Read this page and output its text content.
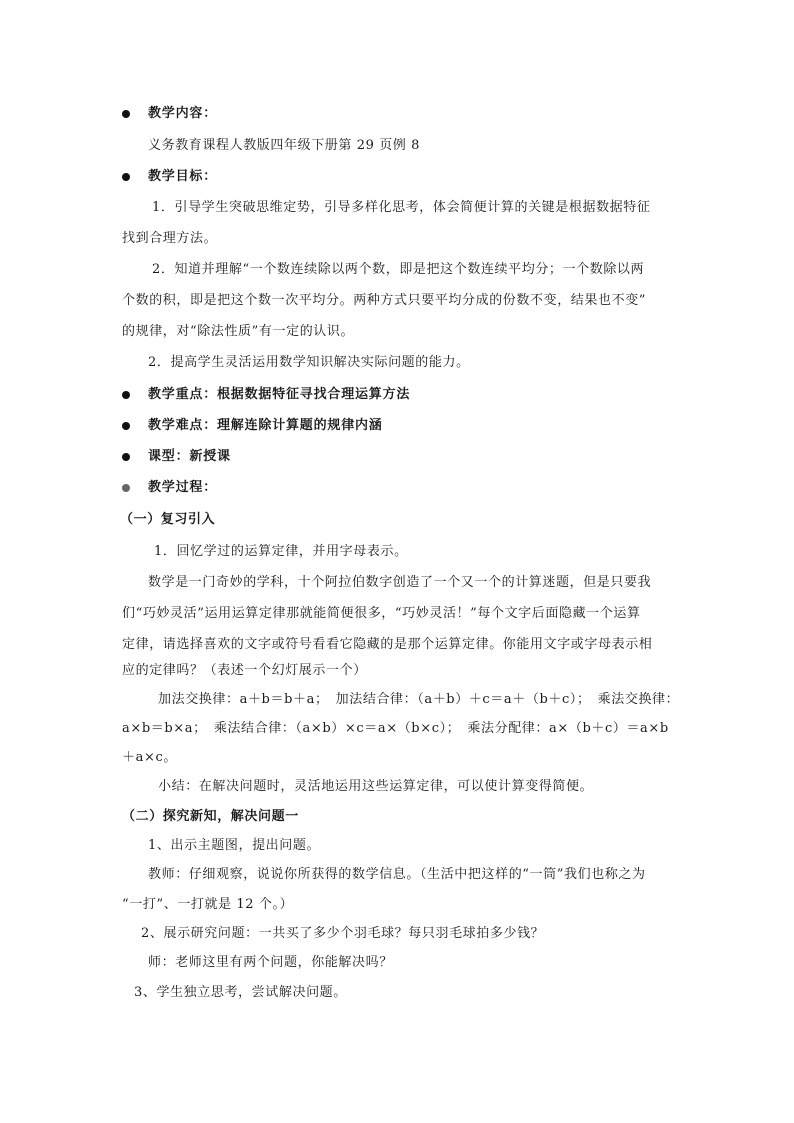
教学内容：
义务教育课程人教版四年级下册第 29 页例 8
教学目标：
1．引导学生突破思维定势，引导多样化思考，体会简便计算的关键是根据数据特征
找到合理方法。
2．知道并理解“一个数连续除以两个数，即是把这个数连续平均分；一个数除以两
个数的积，即是把这个数一次平均分。两种方式只要平均分成的份数不变，结果也不变”
的规律，对“除法性质”有一定的认识。
2．提高学生灵活运用数学知识解决实际问题的能力。
教学重点：根据数据特征寻找合理运算方法
教学难点：理解连除计算题的规律内涵
课型：新授课
教学过程：
（一）复习引入
1．回忆学过的运算定律，并用字母表示。
数学是一门奇妙的学科，十个阿拉伯数字创造了一个又一个的计算迷题，但是只要我
们“巧妙灵活”运用运算定律那就能简便很多，“巧妙灵活！”每个文字后面隐藏一个运算
定律，请选择喜欢的文字或符号看看它隐藏的是那个运算定律。你能用文字或字母表示相
应的定律吗？（表述一个幻灯展示一个）
加法交换律：a＋b＝b＋a；　加法结合律：（a＋b）＋c＝a＋（b＋c）；　乘法交换律：
a×b＝b×a；　乘法结合律：（a×b）×c＝a×（b×c）；　乘法分配律：a×（b＋c）＝a×b
＋a×c。
小结：在解决问题时，灵活地运用这些运算定律，可以使计算变得简便。
（二）探究新知，解决问题一
1、出示主题图，提出问题。
教师：仔细观察，说说你所获得的数学信息。（生活中把这样的“一筒”我们也称之为
“一打”、一打就是 12 个。）
2、展示研究问题：一共买了多少个羽毛球？每只羽毛球拍多少钱？
师：老师这里有两个问题，你能解决吗？
3、学生独立思考，尝试解决问题。
